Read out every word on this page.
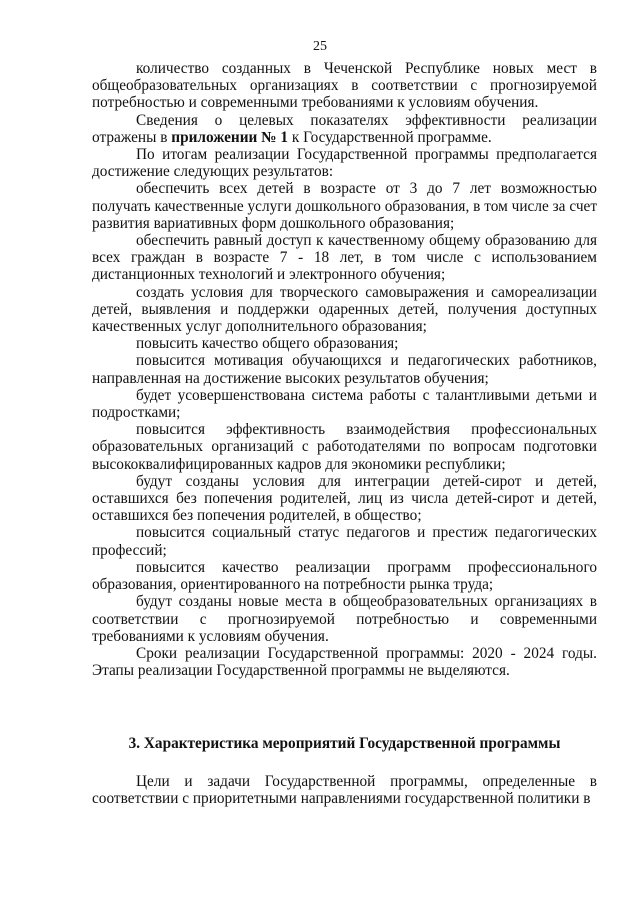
25

количество созданных в Чеченской Республике новых мест в общеобразовательных организациях в соответствии с прогнозируемой потребностью и современными требованиями к условиям обучения.

Сведения о целевых показателях эффективности реализации отражены в приложении № 1 к Государственной программе.

По итогам реализации Государственной программы предполагается достижение следующих результатов:

обеспечить всех детей в возрасте от 3 до 7 лет возможностью получать качественные услуги дошкольного образования, в том числе за счет развития вариативных форм дошкольного образования;

обеспечить равный доступ к качественному общему образованию для всех граждан в возрасте 7 - 18 лет, в том числе с использованием дистанционных технологий и электронного обучения;

создать условия для творческого самовыражения и самореализации детей, выявления и поддержки одаренных детей, получения доступных качественных услуг дополнительного образования;

повысить качество общего образования;

повысится мотивация обучающихся и педагогических работников, направленная на достижение высоких результатов обучения;

будет усовершенствована система работы с талантливыми детьми и подростками;

повысится эффективность взаимодействия профессиональных образовательных организаций с работодателями по вопросам подготовки высококвалифицированных кадров для экономики республики;

будут созданы условия для интеграции детей-сирот и детей, оставшихся без попечения родителей, лиц из числа детей-сирот и детей, оставшихся без попечения родителей, в общество;

повысится социальный статус педагогов и престиж педагогических профессий;

повысится качество реализации программ профессионального образования, ориентированного на потребности рынка труда;

будут созданы новые места в общеобразовательных организациях в соответствии с прогнозируемой потребностью и современными требованиями к условиям обучения.

Сроки реализации Государственной программы: 2020 - 2024 годы. Этапы реализации Государственной программы не выделяются.

3. Характеристика мероприятий Государственной программы

Цели и задачи Государственной программы, определенные в соответствии с приоритетными направлениями государственной политики в
